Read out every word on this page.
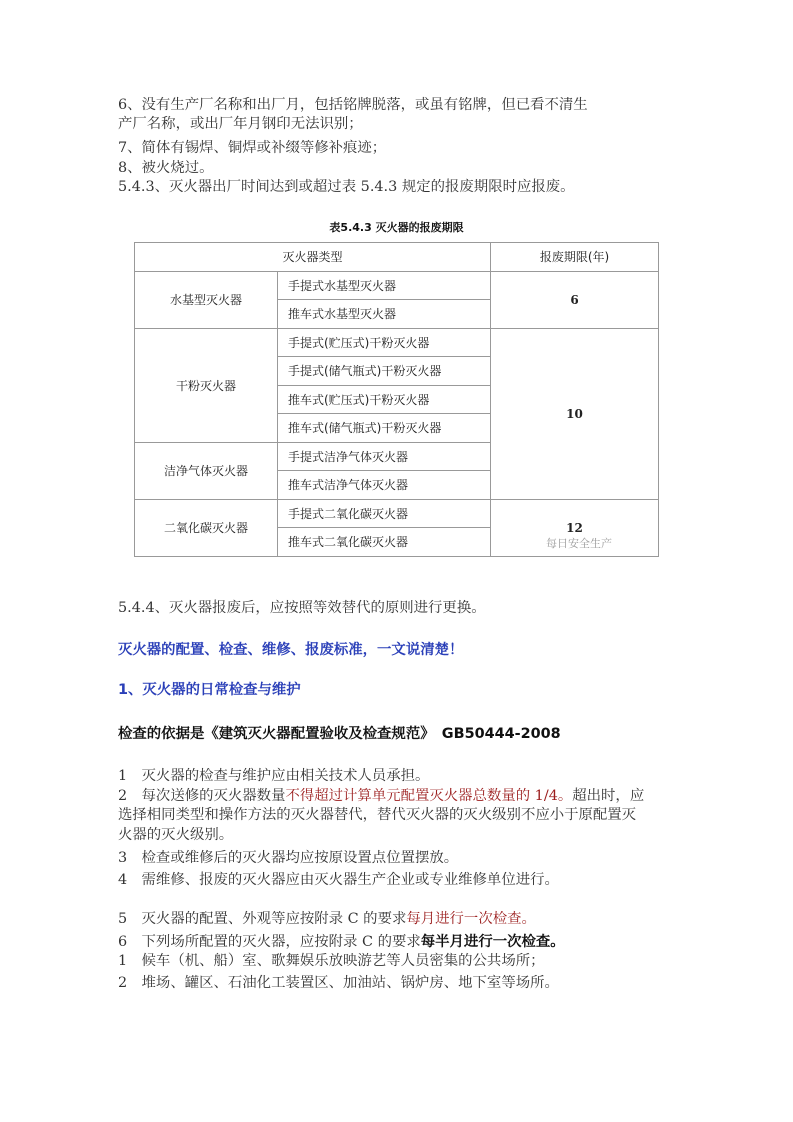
6、没有生产厂名称和出厂月，包括铭牌脱落，或虽有铭牌，但已看不清生
产厂名称，或出厂年月钢印无法识别；
7、简体有锡焊、铜焊或补缀等修补痕迹；
8、被火烧过。
5.4.3、灭火器出厂时间达到或超过表 5.4.3 规定的报废期限时应报废。
表5.4.3 灭火器的报废期限
灭火器类型		报废期限(年)
水基型灭火器	手提式水基型灭火器	6
	推车式水基型灭火器	
干粉灭火器	手提式(贮压式)干粉灭火器	10
	手提式(储气瓶式)干粉灭火器	
	推车式(贮压式)干粉灭火器	
	推车式(储气瓶式)干粉灭火器	
洁净气体灭火器	手提式洁净气体灭火器	
	推车式洁净气体灭火器	
二氧化碳灭火器	手提式二氧化碳灭火器	12
	推车式二氧化碳灭火器		每日安全生产
5.4.4、灭火器报废后，应按照等效替代的原则进行更换。
灭火器的配置、检查、维修、报废标准，一文说清楚！
1、灭火器的日常检查与维护
检查的依据是《建筑灭火器配置验收及检查规范》　GB50444-2008
1　灭火器的检查与维护应由相关技术人员承担。
2　每次送修的灭火器数量不得超过计算单元配置灭火器总数量的 1/4。超出时，应
选择相同类型和操作方法的灭火器替代，替代灭火器的灭火级别不应小于原配置灭
火器的灭火级别。
3　检查或维修后的灭火器均应按原设置点位置摆放。
4　需维修、报废的灭火器应由灭火器生产企业或专业维修单位进行。
5　灭火器的配置、外观等应按附录 C 的要求每月进行一次检查。
6　下列场所配置的灭火器，应按附录 C 的要求每半月进行一次检查。
1　候车（机、船）室、歌舞娱乐放映游艺等人员密集的公共场所；
2　堆场、罐区、石油化工装置区、加油站、锅炉房、地下室等场所。
